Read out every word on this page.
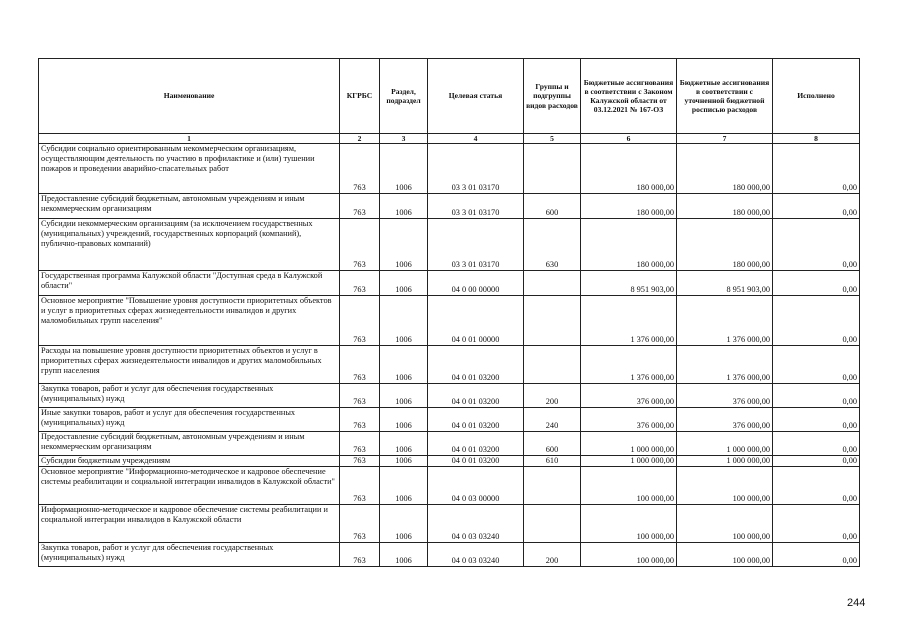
Наименование	КГРБС	Раздел, подраздел	Целевая статья	Группы и подгруппы видов расходов	Бюджетные ассигнования в соответствии с Законом Калужской области от 03.12.2021 № 167-ОЗ	Бюджетные ассигнования в соответствии с уточненной бюджетной росписью расходов	Исполнено
1	2	3	4	5	6	7	8
Субсидии социально ориентированным некоммерческим организациям, осуществляющим деятельность по участию в профилактике и (или) тушении пожаров и проведении аварийно-спасательных работ	763	1006	03 3 01 03170		180 000,00	180 000,00	0,00
Предоставление субсидий бюджетным, автономным учреждениям и иным некоммерческим организациям	763	1006	03 3 01 03170	600	180 000,00	180 000,00	0,00
Субсидии некоммерческим организациям (за исключением государственных (муниципальных) учреждений, государственных корпораций (компаний), публично-правовых компаний)	763	1006	03 3 01 03170	630	180 000,00	180 000,00	0,00
Государственная программа Калужской области "Доступная среда в Калужской области"	763	1006	04 0 00 00000		8 951 903,00	8 951 903,00	0,00
Основное мероприятие "Повышение уровня доступности приоритетных объектов и услуг в приоритетных сферах жизнедеятельности инвалидов и других маломобильных групп населения"	763	1006	04 0 01 00000		1 376 000,00	1 376 000,00	0,00
Расходы на повышение уровня доступности приоритетных объектов и услуг в приоритетных сферах жизнедеятельности инвалидов и других маломобильных групп населения	763	1006	04 0 01 03200		1 376 000,00	1 376 000,00	0,00
Закупка товаров, работ и услуг для обеспечения государственных (муниципальных) нужд	763	1006	04 0 01 03200	200	376 000,00	376 000,00	0,00
Иные закупки товаров, работ и услуг для обеспечения государственных (муниципальных) нужд	763	1006	04 0 01 03200	240	376 000,00	376 000,00	0,00
Предоставление субсидий бюджетным, автономным учреждениям и иным некоммерческим организациям	763	1006	04 0 01 03200	600	1 000 000,00	1 000 000,00	0,00
Субсидии бюджетным учреждениям	763	1006	04 0 01 03200	610	1 000 000,00	1 000 000,00	0,00
Основное мероприятие "Информационно-методическое и кадровое обеспечение системы реабилитации и социальной интеграции инвалидов в Калужской области"	763	1006	04 0 03 00000		100 000,00	100 000,00	0,00
Информационно-методическое и кадровое обеспечение системы реабилитации и социальной интеграции инвалидов в Калужской области	763	1006	04 0 03 03240		100 000,00	100 000,00	0,00
Закупка товаров, работ и услуг для обеспечения государственных (муниципальных) нужд	763	1006	04 0 03 03240	200	100 000,00	100 000,00	0,00
244
